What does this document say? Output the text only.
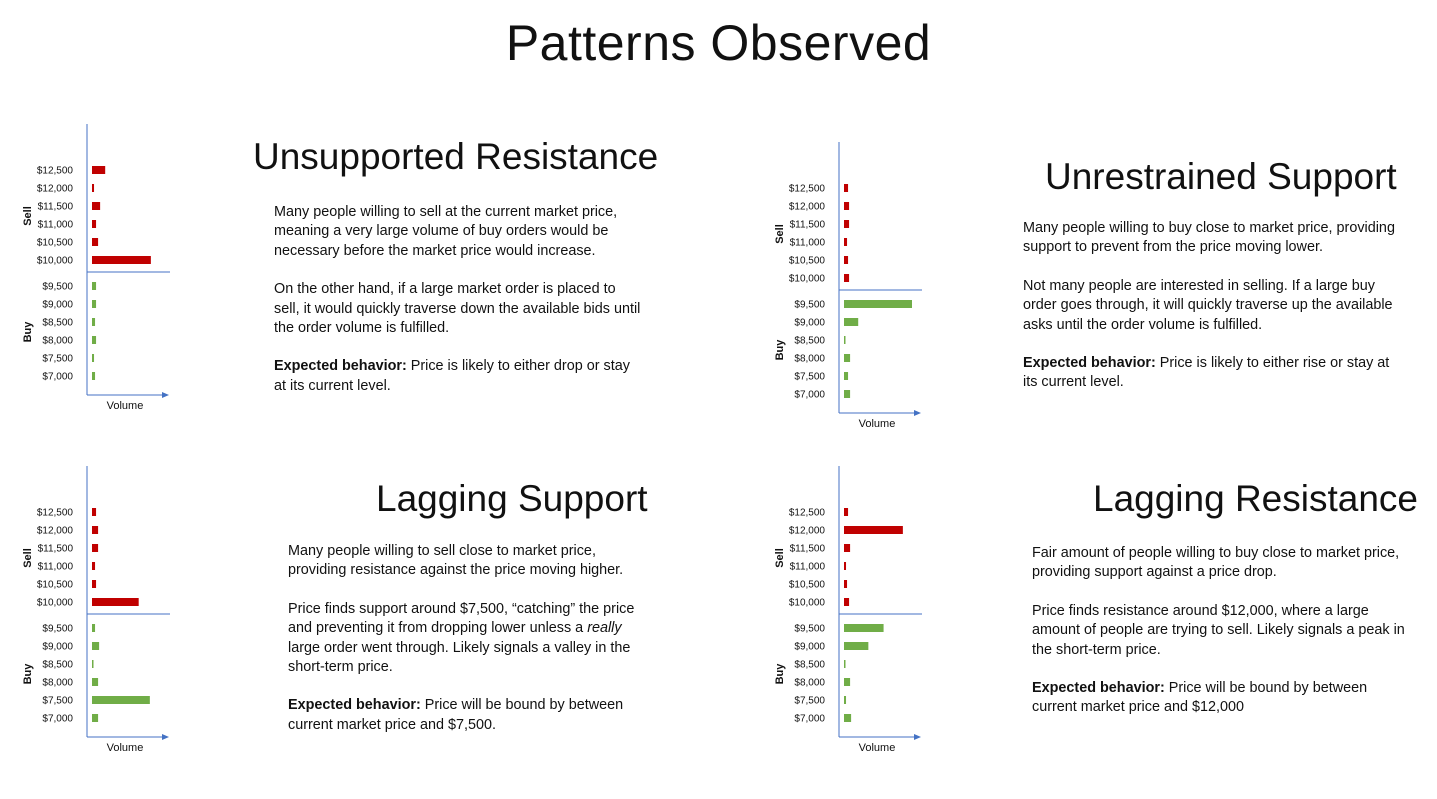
Patterns Observed
$12,500
$12,000
$11,500
$11,000
$10,500
$10,000
$9,500
$9,000
$8,500
$8,000
$7,500
$7,000
Sell
Buy
Volume
Unsupported Resistance

Many people willing to sell at the current market price, meaning a very large volume of buy orders would be necessary before the market price would increase.

On the other hand, if a large market order is placed to sell, it would quickly traverse down the available bids until the order volume is fulfilled.

Expected behavior: Price is likely to either drop or stay at its current level.

$12,500
$12,000
$11,500
$11,000
$10,500
$10,000
$9,500
$9,000
$8,500
$8,000
$7,500
$7,000
Sell
Buy
Volume
Unrestrained Support

Many people willing to buy close to market price, providing support to prevent from the price moving lower.

Not many people are interested in selling. If a large buy order goes through, it will quickly traverse up the available asks until the order volume is fulfilled.

Expected behavior: Price is likely to either rise or stay at its current level.

$12,500
$12,000
$11,500
$11,000
$10,500
$10,000
$9,500
$9,000
$8,500
$8,000
$7,500
$7,000
Sell
Buy
Volume
Lagging Support

Many people willing to sell close to market price, providing resistance against the price moving higher.

Price finds support around $7,500, “catching” the price and preventing it from dropping lower unless a really large order went through. Likely signals a valley in the short-term price.

Expected behavior: Price will be bound by between current market price and $7,500.

$12,500
$12,000
$11,500
$11,000
$10,500
$10,000
$9,500
$9,000
$8,500
$8,000
$7,500
$7,000
Sell
Buy
Volume
Lagging Resistance

Fair amount of people willing to buy close to market price, providing support against a price drop.

Price finds resistance around $12,000, where a large amount of people are trying to sell. Likely signals a peak in the short-term price.

Expected behavior: Price will be bound by between current market price and $12,000
